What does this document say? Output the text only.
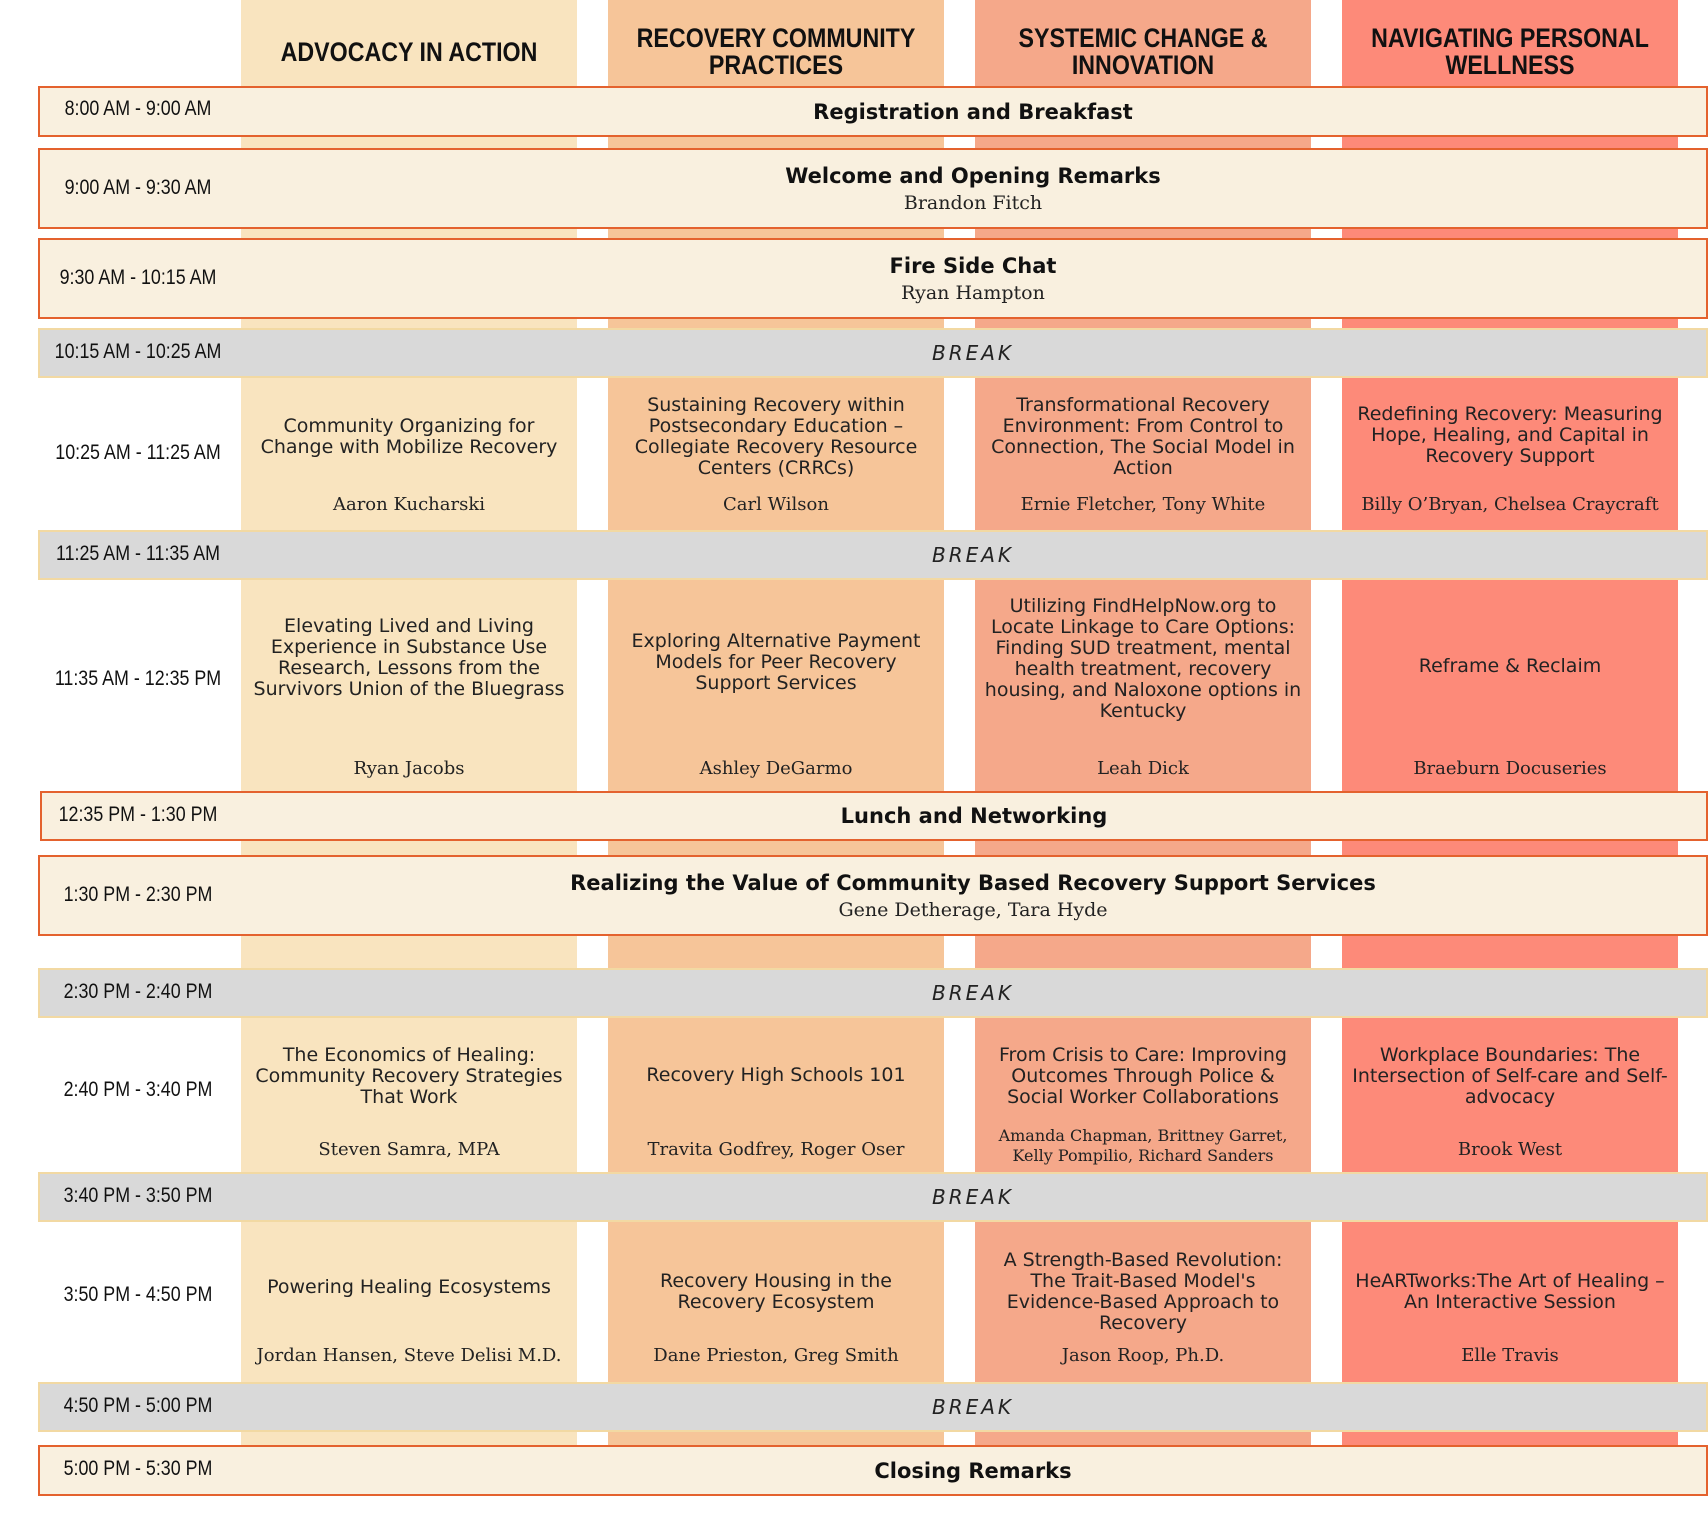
ADVOCACY IN ACTION	RECOVERY COMMUNITY PRACTICES
SYSTEMIC CHANGE & INNOVATION
NAVIGATING PERSONAL WELLNESS
Registration and Breakfast
8:00 AM - 9:00 AM
Welcome and Opening Remarks
Brandon Fitch
9:00 AM - 9:30 AM
Fire Side Chat
Ryan Hampton
9:30 AM - 10:15 AM
BREAK
10:15 AM - 10:25 AM
10:25 AM - 11:25 AM
Community Organizing for Change with Mobilize Recovery
Aaron Kucharski
Sustaining Recovery within Postsecondary Education – Collegiate Recovery Resource Centers (CRRCs)
Carl Wilson
Transformational Recovery Environment: From Control to Connection, The Social Model in Action
Ernie Fletcher, Tony White
Redefining Recovery: Measuring Hope, Healing, and Capital in Recovery Support
Billy O’Bryan, Chelsea Craycraft
BREAK
11:25 AM - 11:35 AM
11:35 AM - 12:35 PM
Elevating Lived and Living Experience in Substance Use Research, Lessons from the Survivors Union of the Bluegrass
Ryan Jacobs
Exploring Alternative Payment Models for Peer Recovery Support Services
Ashley DeGarmo
Utilizing FindHelpNow.org to Locate Linkage to Care Options: Finding SUD treatment, mental health treatment, recovery housing, and Naloxone options in Kentucky
Leah Dick
Reframe & Reclaim
Braeburn Docuseries
Lunch and Networking
12:35 PM - 1:30 PM
Realizing the Value of Community Based Recovery Support Services
Gene Detherage, Tara Hyde
1:30 PM - 2:30 PM
BREAK
2:30 PM - 2:40 PM
2:40 PM - 3:40 PM
The Economics of Healing: Community Recovery Strategies That Work
Steven Samra, MPA
Recovery High Schools 101
Travita Godfrey, Roger Oser
From Crisis to Care: Improving Outcomes Through Police & Social Worker Collaborations
Amanda Chapman, Brittney Garret, Kelly Pompilio, Richard Sanders
Workplace Boundaries: The Intersection of Self-care and Self-advocacy
Brook West
BREAK
3:40 PM - 3:50 PM
3:50 PM - 4:50 PM	Powering Healing Ecosystems
Jordan Hansen, Steve Delisi M.D.
Recovery Housing in the Recovery Ecosystem
Dane Prieston, Greg Smith
A Strength-Based Revolution: The Trait-Based Model's Evidence-Based Approach to Recovery
Jason Roop, Ph.D.
HeARTworks:The Art of Healing – An Interactive Session
Elle Travis
BREAK
4:50 PM - 5:00 PM
Closing Remarks
5:00 PM - 5:30 PM
